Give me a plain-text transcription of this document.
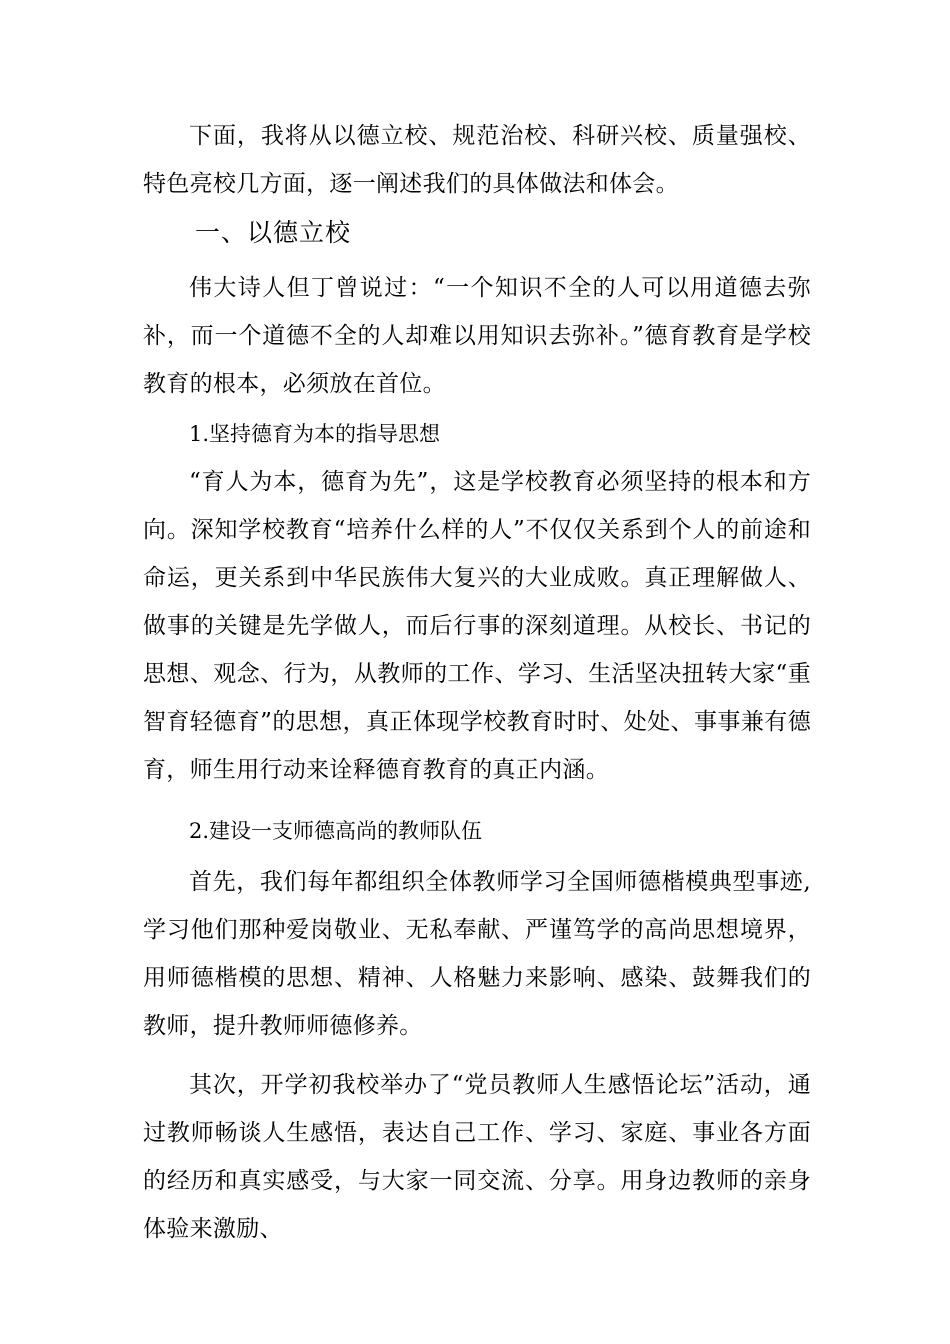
下面，我将从以德立校、规范治校、科研兴校、质量强校、特色亮校几方面，逐一阐述我们的具体做法和体会。

一、以德立校

伟大诗人但丁曾说过：“一个知识不全的人可以用道德去弥补，而一个道德不全的人却难以用知识去弥补。”德育教育是学校教育的根本，必须放在首位。

1.坚持德育为本的指导思想

“育人为本，德育为先”，这是学校教育必须坚持的根本和方向。深知学校教育“培养什么样的人”不仅仅关系到个人的前途和命运，更关系到中华民族伟大复兴的大业成败。真正理解做人、做事的关键是先学做人，而后行事的深刻道理。从校长、书记的思想、观念、行为，从教师的工作、学习、生活坚决扭转大家“重智育轻德育”的思想，真正体现学校教育时时、处处、事事兼有德育，师生用行动来诠释德育教育的真正内涵。

2.建设一支师德高尚的教师队伍

首先，我们每年都组织全体教师学习全国师德楷模典型事迹,学习他们那种爱岗敬业、无私奉献、严谨笃学的高尚思想境界，用师德楷模的思想、精神、人格魅力来影响、感染、鼓舞我们的教师，提升教师师德修养。

其次，开学初我校举办了“党员教师人生感悟论坛”活动，通过教师畅谈人生感悟，表达自己工作、学习、家庭、事业各方面的经历和真实感受，与大家一同交流、分享。用身边教师的亲身体验来激励、
